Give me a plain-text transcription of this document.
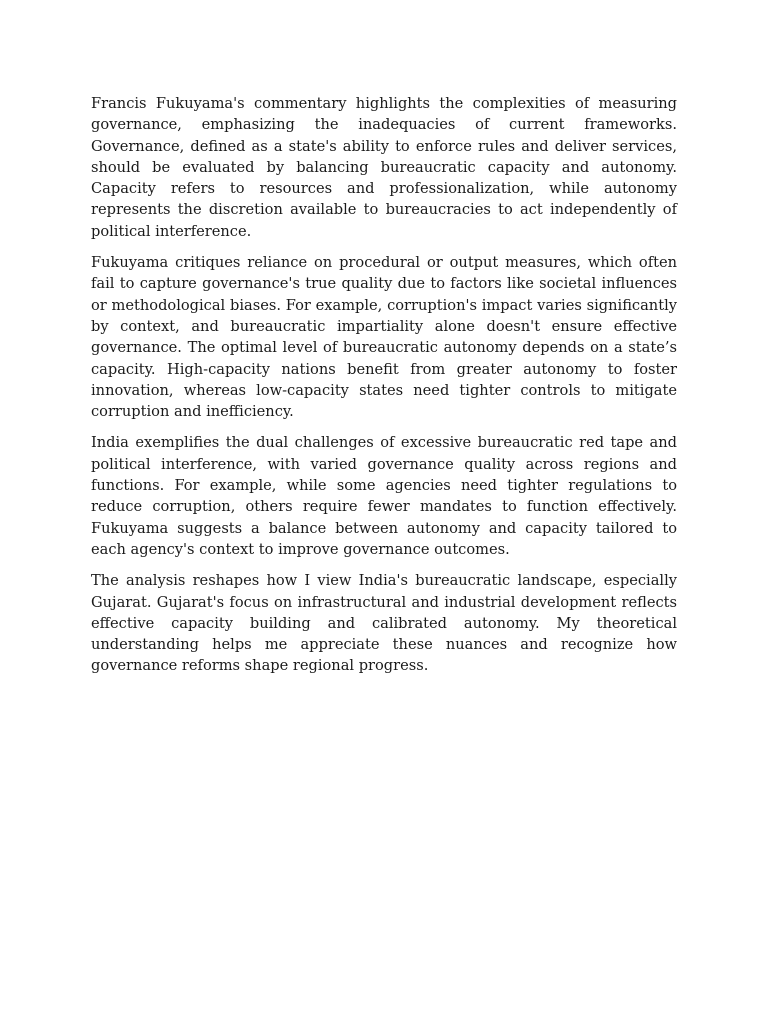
Francis Fukuyama's commentary highlights the complexities of measuring governance, emphasizing the inadequacies of current frameworks. Governance, defined as a state's ability to enforce rules and deliver services, should be evaluated by balancing bureaucratic capacity and autonomy. Capacity refers to resources and professionalization, while autonomy represents the discretion available to bureaucracies to act independently of political interference.

Fukuyama critiques reliance on procedural or output measures, which often fail to capture governance's true quality due to factors like societal influences or methodological biases. For example, corruption's impact varies significantly by context, and bureaucratic impartiality alone doesn't ensure effective governance. The optimal level of bureaucratic autonomy depends on a state’s capacity. High-capacity nations benefit from greater autonomy to foster innovation, whereas low-capacity states need tighter controls to mitigate corruption and inefficiency.

India exemplifies the dual challenges of excessive bureaucratic red tape and political interference, with varied governance quality across regions and functions. For example, while some agencies need tighter regulations to reduce corruption, others require fewer mandates to function effectively. Fukuyama suggests a balance between autonomy and capacity tailored to each agency's context to improve governance outcomes.

The analysis reshapes how I view India's bureaucratic landscape, especially Gujarat. Gujarat's focus on infrastructural and industrial development reflects effective capacity building and calibrated autonomy. My theoretical understanding helps me appreciate these nuances and recognize how governance reforms shape regional progress.
